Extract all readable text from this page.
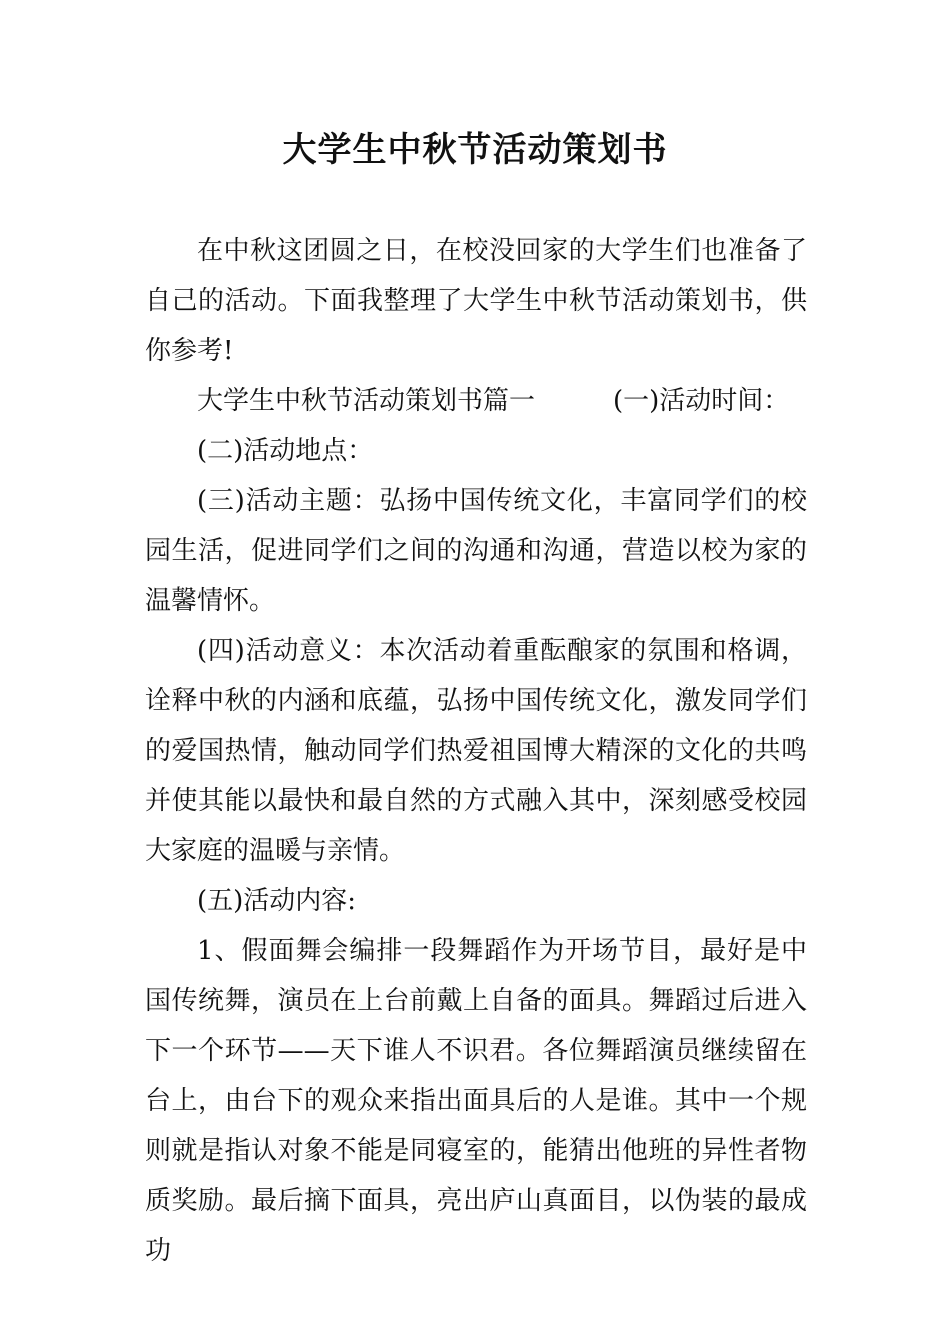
大学生中秋节活动策划书

在中秋这团圆之日，在校没回家的大学生们也准备了自己的活动。下面我整理了大学生中秋节活动策划书，供你参考!

大学生中秋节活动策划书篇一	(一)活动时间：

(二)活动地点：

(三)活动主题：弘扬中国传统文化，丰富同学们的校园生活，促进同学们之间的沟通和沟通，营造以校为家的温馨情怀。

(四)活动意义：本次活动着重酝酿家的氛围和格调，诠释中秋的内涵和底蕴，弘扬中国传统文化，激发同学们的爱国热情，触动同学们热爱祖国博大精深的文化的共鸣并使其能以最快和最自然的方式融入其中，深刻感受校园大家庭的温暖与亲情。

(五)活动内容:

1、假面舞会编排一段舞蹈作为开场节目，最好是中国传统舞，演员在上台前戴上自备的面具。舞蹈过后进入下一个环节——天下谁人不识君。各位舞蹈演员继续留在台上，由台下的观众来指出面具后的人是谁。其中一个规则就是指认对象不能是同寝室的，能猜出他班的异性者物质奖励。最后摘下面具，亮出庐山真面目，以伪装的最成功
